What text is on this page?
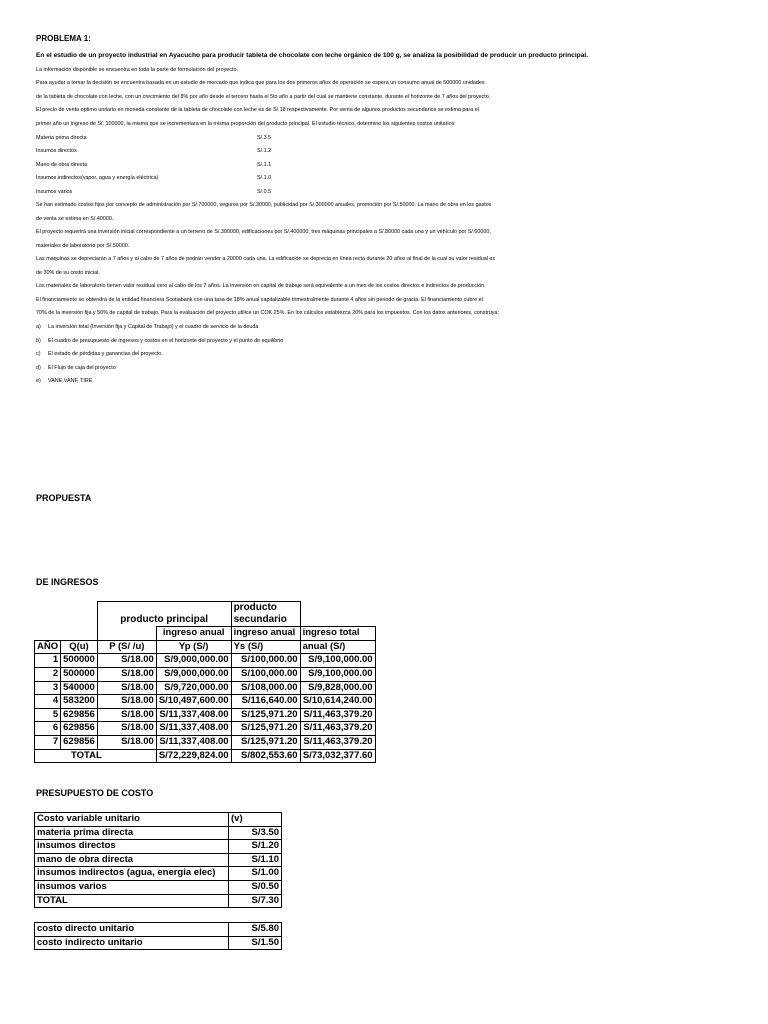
PROBLEMA 1:
En el estudio de un proyecto industrial en Ayacucho para producir tableta de chocolate con leche orgánico de 100 g, se analiza la posibilidad de producir un producto principal.
La información disponible se encuentra en toda la parte de formulación del proyecto.
Para ayudar a tomar la decisión se encuentra basada en un estudio de mercado que indica que para los dos primeros años de operación se espera un consumo anual de 500000 unidades
de la tableta de chocolate con leche, con un crecimiento del 8% por año desde el tercero hasta el 5to año a partir del cual se mantiene constante, durante el horizonte de 7 años del proyecto.
El precio de venta optimo unitario en moneda constante de la tableta de chocolate con leche es de S/.18 respectivamente. Por venta de algunos productos secundarios se estima para el
primer año un ingreso de S/. 100000, la misma que se incrementara en la misma proporción del producto principal. El estudio técnico, determino los siguientes costos unitarios:
Materia prima directa	S/.3.5
Insumos directos	S/.1.2
Mano de obra directa	S/.1.1
Insumos indirectos(vapor, agua y energía eléctrica)	S/.1.0
Insumos varios	S/.0.5
Se han estimado costos fijos por concepto de administración por S/.700000, seguros por S/.30000, publicidad por S/.300000 anuales, promoción por S/.50000. La mano de obra en los gastos
de venta se estima en S/.40000.
El proyecto requerirá una inversión inicial correspondiente a un terreno de S/.300000, edificaciones por S/.400000, tres máquinas principales a S/.80000 cada una y un vehículo por S/.60000,
materiales de laboratorio por S/.50000.
Las maquinas se depreciarán a 7 años y al cabo de 7 años de podrán vender a 20000 cada una. La edificación se deprecia en línea recta durante 20 años al final de la cual su valor residual es
de 30% de su costo inicial.
Los materiales de laboratorio tienen valor residual cero al cabo de los 7 años. La inversión en capital de trabajo será equivalente a un mes de los costos directos e indirectos de producción.
El financiamiento se obtendrá de la entidad financiera Scotiabank con una tasa de 18% anual capitalizable trimestralmente durante 4 años sin periodo de gracia. El financiamiento cubre el
70% de la inversión fija y 50% de capital de trabajo. Para la evaluación del proyecto utilice un COK 25%. En los cálculos establezca 20% para los impuestos. Con los datos anteriores, construya:
a) La inversión total (Inversión fija y Capital de Trabajo) y el cuadro de servicio de la deuda
b) El cuadro de presupuesto de ingresos y costos en el horizonte del proyecto y el punto de equilibrio
c) El estado de pérdidas y ganancias del proyecto.
d) El Flujo de caja del proyecto
e) VANE,VANF, TIRE.
PROPUESTA
DE INGRESOS
		producto principal		producto secundario	

			ingreso anual	ingreso anual	ingreso total
AÑO	Q(u)	P (S/ /u)	Yp (S/)	Ys (S/)	anual (S/)
1	500000	S/18.00	S/9,000,000.00	S/100,000.00	S/9,100,000.00
2	500000	S/18.00	S/9,000,000.00	S/100,000.00	S/9,100,000.00
3	540000	S/18.00	S/9,720,000.00	S/108,000.00	S/9,828,000.00
4	583200	S/18.00	S/10,497,600.00	S/116,640.00	S/10,614,240.00
5	629856	S/18.00	S/11,337,408.00	S/125,971.20	S/11,463,379.20
6	629856	S/18.00	S/11,337,408.00	S/125,971.20	S/11,463,379.20
7	629856	S/18.00	S/11,337,408.00	S/125,971.20	S/11,463,379.20
TOTAL			S/72,229,824.00	S/802,553.60	S/73,032,377.60
PRESUPUESTO DE COSTO
Costo variable unitario	(v)
materia prima directa	S/3.50
insumos directos	S/1.20
mano de obra directa	S/1.10
insumos indirectos (agua, energia elec)	S/1.00
insumos varios	S/0.50
TOTAL	S/7.30
costo directo unitario	S/5.80
costo indirecto unitario	S/1.50
